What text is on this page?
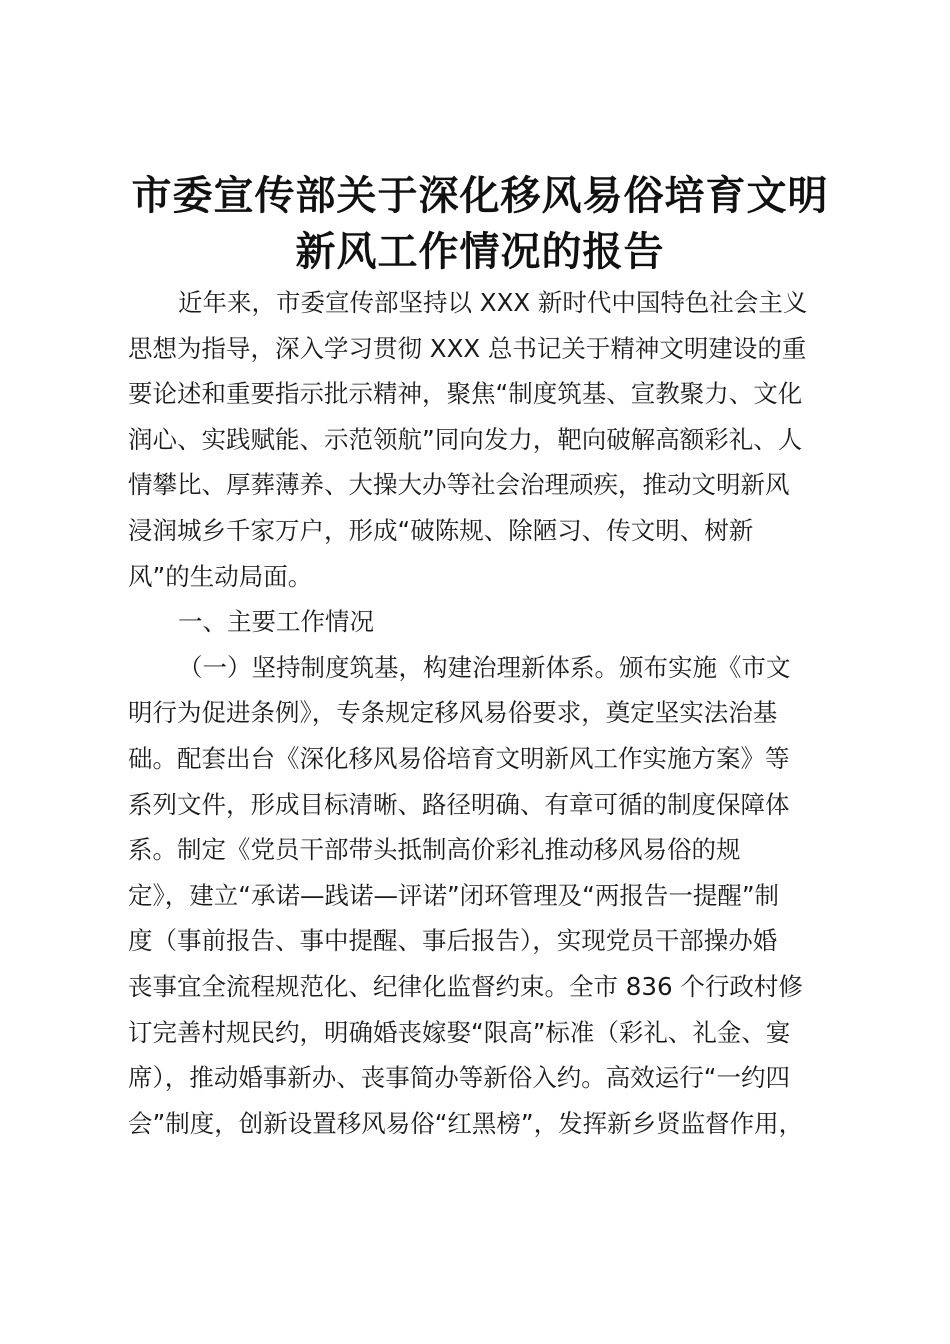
市委宣传部关于深化移风易俗培育文明
新风工作情况的报告
近年来，市委宣传部坚持以 XXX 新时代中国特色社会主义
思想为指导，深入学习贯彻 XXX 总书记关于精神文明建设的重
要论述和重要指示批示精神，聚焦“制度筑基、宣教聚力、文化
润心、实践赋能、示范领航”同向发力，靶向破解高额彩礼、人
情攀比、厚葬薄养、大操大办等社会治理顽疾，推动文明新风
浸润城乡千家万户，形成“破陈规、除陋习、传文明、树新
风”的生动局面。
一、主要工作情况
（一）坚持制度筑基，构建治理新体系。颁布实施《市文
明行为促进条例》，专条规定移风易俗要求，奠定坚实法治基
础。配套出台《深化移风易俗培育文明新风工作实施方案》等
系列文件，形成目标清晰、路径明确、有章可循的制度保障体
系。制定《党员干部带头抵制高价彩礼推动移风易俗的规
定》，建立“承诺—践诺—评诺”闭环管理及“两报告一提醒”制
度（事前报告、事中提醒、事后报告），实现党员干部操办婚
丧事宜全流程规范化、纪律化监督约束。全市 836 个行政村修
订完善村规民约，明确婚丧嫁娶“限高”标准（彩礼、礼金、宴
席），推动婚事新办、丧事简办等新俗入约。高效运行“一约四
会”制度，创新设置移风易俗“红黑榜”，发挥新乡贤监督作用，
